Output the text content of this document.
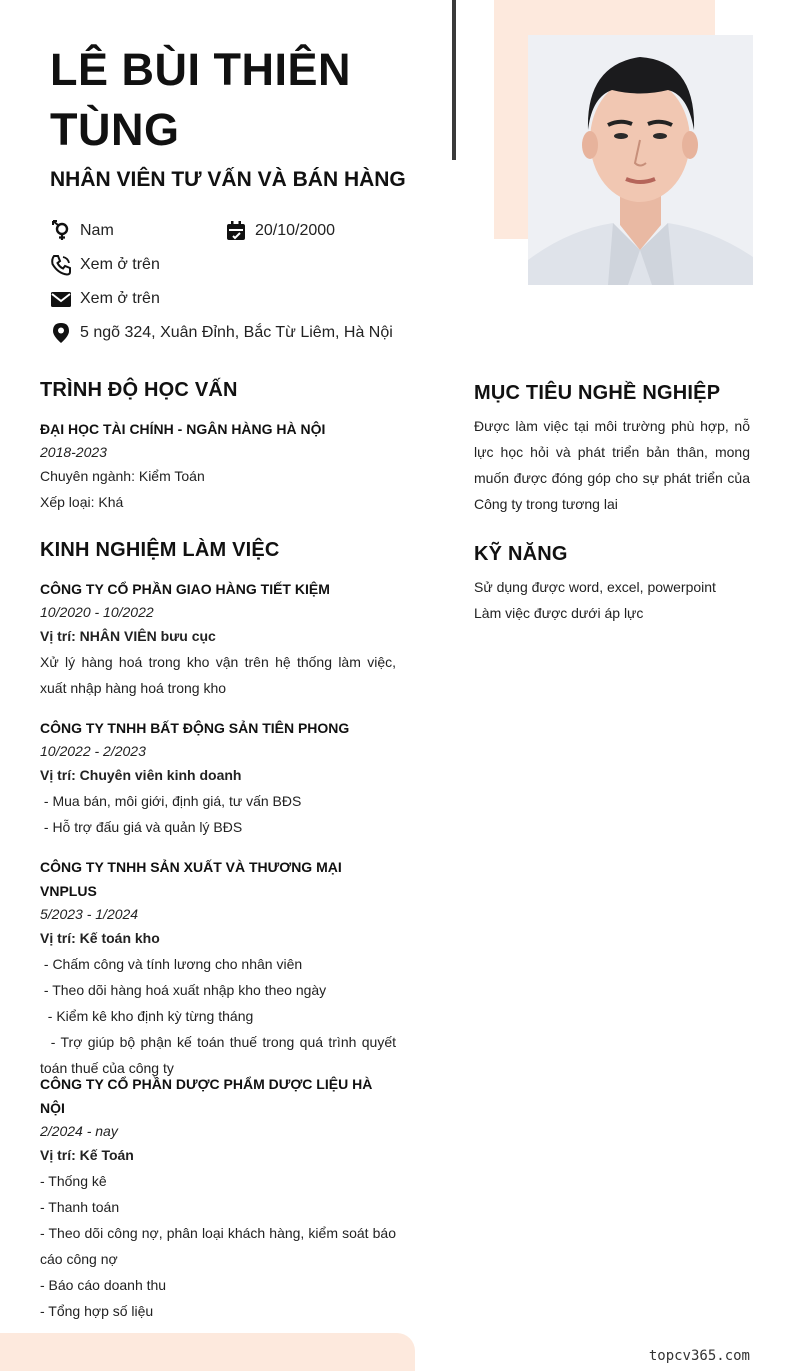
LÊ BÙI THIÊN TÙNG
NHÂN VIÊN TƯ VẤN VÀ BÁN HÀNG
Nam	20/10/2000
Xem ở trên
Xem ở trên
5 ngõ 324, Xuân Đỉnh, Bắc Từ Liêm, Hà Nội
TRÌNH ĐỘ HỌC VẤN
ĐẠI HỌC TÀI CHÍNH - NGÂN HÀNG HÀ NỘI
2018-2023
Chuyên ngành: Kiểm Toán
Xếp loại: Khá
KINH NGHIỆM LÀM VIỆC
CÔNG TY CỔ PHẦN GIAO HÀNG TIẾT KIỆM
10/2020 - 10/2022
Vị trí: NHÂN VIÊN bưu cục
Xử lý hàng hoá trong kho vận trên hệ thống làm việc, xuất nhập hàng hoá trong kho
CÔNG TY TNHH BẤT ĐỘNG SẢN TIÊN PHONG
10/2022 - 2/2023
Vị trí: Chuyên viên kinh doanh
- Mua bán, môi giới, định giá, tư vấn BĐS
- Hỗ trợ đấu giá và quản lý BĐS
CÔNG TY TNHH SẢN XUẤT VÀ THƯƠNG MẠI VNPLUS
5/2023 - 1/2024
Vị trí: Kế toán kho
- Chấm công và tính lương cho nhân viên
- Theo dõi hàng hoá xuất nhập kho theo ngày
- Kiểm kê kho định kỳ từng tháng
- Trợ giúp bộ phận kế toán thuế trong quá trình quyết toán thuế của công ty
CÔNG TY CỔ PHẦN DƯỢC PHẨM DƯỢC LIỆU HÀ NỘI
2/2024 - nay
Vị trí: Kế Toán
- Thống kê
- Thanh toán
- Theo dõi công nợ, phân loại khách hàng, kiểm soát báo cáo công nợ
- Báo cáo doanh thu
- Tổng hợp số liệu
MỤC TIÊU NGHỀ NGHIỆP
Được làm việc tại môi trường phù hợp, nỗ lực học hỏi và phát triển bản thân, mong muốn được đóng góp cho sự phát triển của Công ty trong tương lai
KỸ NĂNG
Sử dụng được word, excel, powerpoint
Làm việc được dưới áp lực
topcv365.com
